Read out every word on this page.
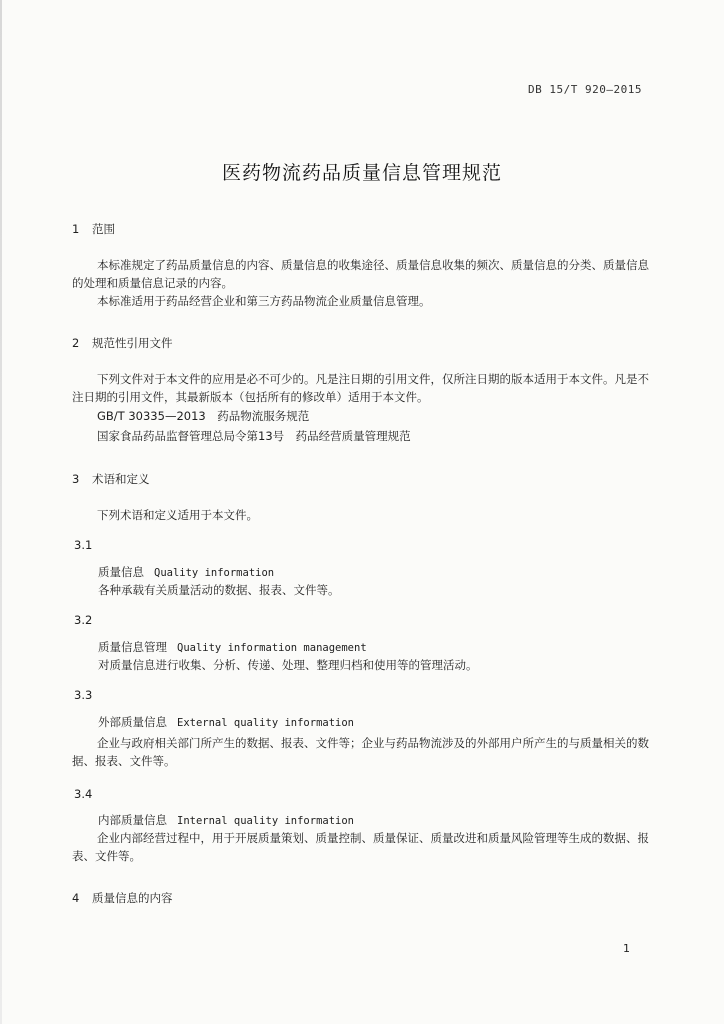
DB 15/T 920—2015
医药物流药品质量信息管理规范
1 范围
本标准规定了药品质量信息的内容、质量信息的收集途径、质量信息收集的频次、质量信息的分类、质量信息的处理和质量信息记录的内容。
本标准适用于药品经营企业和第三方药品物流企业质量信息管理。
2 规范性引用文件
下列文件对于本文件的应用是必不可少的。凡是注日期的引用文件，仅所注日期的版本适用于本文件。凡是不注日期的引用文件，其最新版本（包括所有的修改单）适用于本文件。
GB/T 30335—2013　药品物流服务规范
国家食品药品监督管理总局令第13号　药品经营质量管理规范
3 术语和定义
下列术语和定义适用于本文件。
3.1
质量信息 Quality information
各种承载有关质量活动的数据、报表、文件等。
3.2
质量信息管理 Quality information management
对质量信息进行收集、分析、传递、处理、整理归档和使用等的管理活动。
3.3
外部质量信息 External quality information
企业与政府相关部门所产生的数据、报表、文件等；企业与药品物流涉及的外部用户所产生的与质量相关的数据、报表、文件等。
3.4
内部质量信息 Internal quality information
企业内部经营过程中，用于开展质量策划、质量控制、质量保证、质量改进和质量风险管理等生成的数据、报表、文件等。
4 质量信息的内容
1
